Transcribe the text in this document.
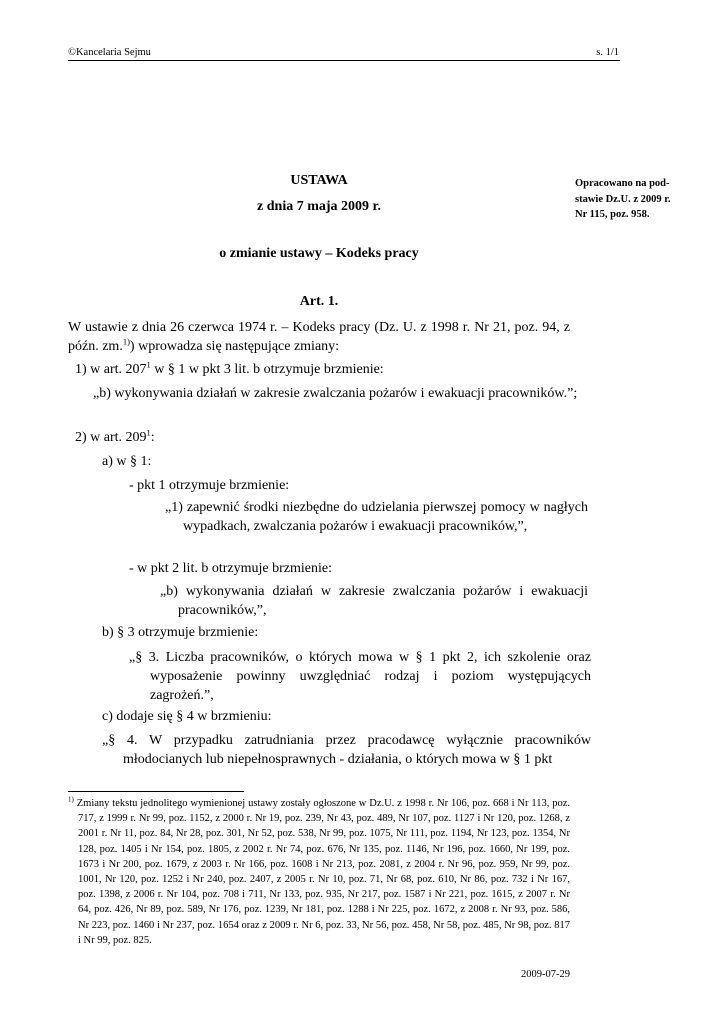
©Kancelaria Sejmu	s. 1/1
Opracowano na pod-
stawie Dz.U. z 2009 r.
Nr 115, poz. 958.
USTAWA
z dnia 7 maja 2009 r.
o zmianie ustawy – Kodeks pracy
Art. 1.
W ustawie z dnia 26 czerwca 1974 r. – Kodeks pracy (Dz. U. z 1998 r. Nr 21, poz. 94, z późn. zm.$^{1)}$) wprowadza się następujące zmiany:
1) w art. $207^1$ w § 1 w pkt 3 lit. b otrzymuje brzmienie:
„b) wykonywania działań w zakresie zwalczania pożarów i ewakuacji pracowników.”;
2) w art. $209^1$:
a) w § 1:
- pkt 1 otrzymuje brzmienie:
„1) zapewnić środki niezbędne do udzielania pierwszej pomocy w nagłych wypadkach, zwalczania pożarów i ewakuacji pracowników,”,
- w pkt 2 lit. b otrzymuje brzmienie:
„b) wykonywania działań w zakresie zwalczania pożarów i ewakuacji pracowników,”,
b) § 3 otrzymuje brzmienie:
„§ 3. Liczba pracowników, o których mowa w § 1 pkt 2, ich szkolenie oraz wyposażenie powinny uwzględniać rodzaj i poziom występujących zagrożeń.”,
c) dodaje się § 4 w brzmieniu:
„§ 4. W przypadku zatrudniania przez pracodawcę wyłącznie pracowników młodocianych lub niepełnosprawnych - działania, o których mowa w § 1 pkt
$^{1)}$ Zmiany tekstu jednolitego wymienionej ustawy zostały ogłoszone w Dz.U. z 1998 r. Nr 106, poz. 668 i Nr 113, poz. 717, z 1999 r. Nr 99, poz. 1152, z 2000 r. Nr 19, poz. 239, Nr 43, poz. 489, Nr 107, poz. 1127 i Nr 120, poz. 1268, z 2001 r. Nr 11, poz. 84, Nr 28, poz. 301, Nr 52, poz. 538, Nr 99, poz. 1075, Nr 111, poz. 1194, Nr 123, poz. 1354, Nr 128, poz. 1405 i Nr 154, poz. 1805, z 2002 r. Nr 74, poz. 676, Nr 135, poz. 1146, Nr 196, poz. 1660, Nr 199, poz. 1673 i Nr 200, poz. 1679, z 2003 r. Nr 166, poz. 1608 i Nr 213, poz. 2081, z 2004 r. Nr 96, poz. 959, Nr 99, poz. 1001, Nr 120, poz. 1252 i Nr 240, poz. 2407, z 2005 r. Nr 10, poz. 71, Nr 68, poz. 610, Nr 86, poz. 732 i Nr 167, poz. 1398, z 2006 r. Nr 104, poz. 708 i 711, Nr 133, poz. 935, Nr 217, poz. 1587 i Nr 221, poz. 1615, z 2007 r. Nr 64, poz. 426, Nr 89, poz. 589, Nr 176, poz. 1239, Nr 181, poz. 1288 i Nr 225, poz. 1672, z 2008 r. Nr 93, poz. 586, Nr 223, poz. 1460 i Nr 237, poz. 1654 oraz z 2009 r. Nr 6, poz. 33, Nr 56, poz. 458, Nr 58, poz. 485, Nr 98, poz. 817 i Nr 99, poz. 825.
2009-07-29
